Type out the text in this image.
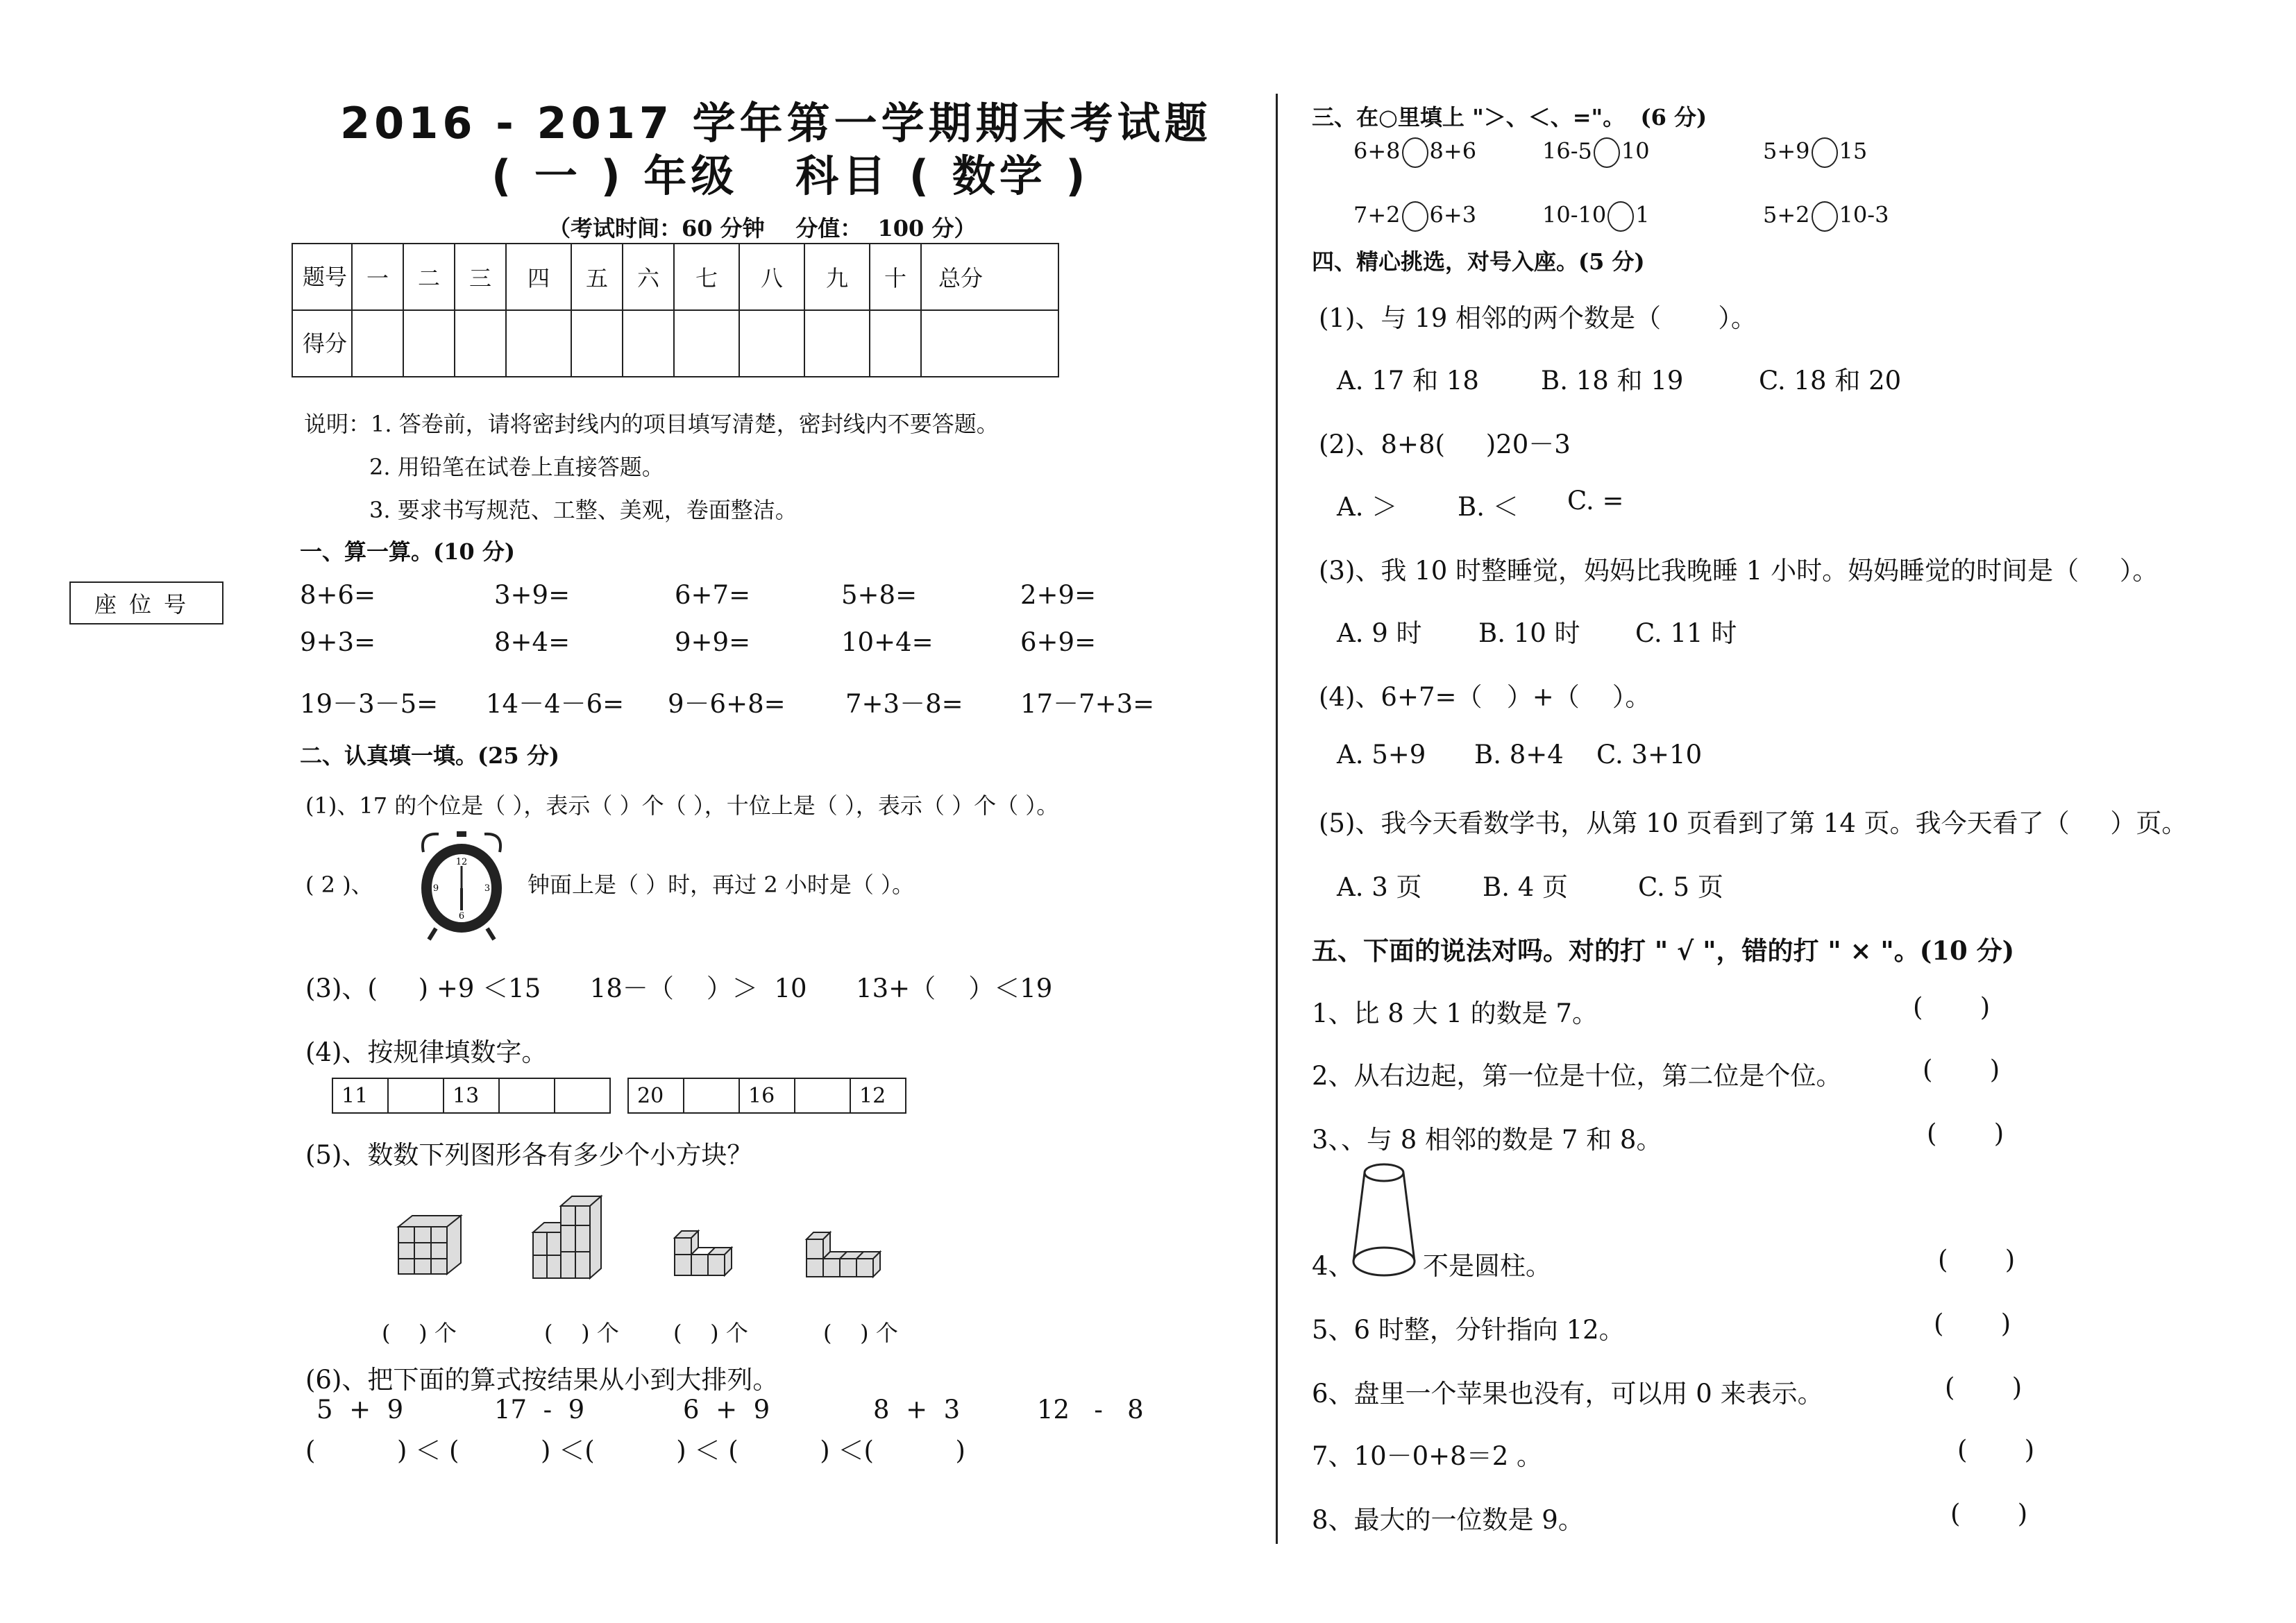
2016 - 2017 学年第一学期期末考试题
( 一 ) 年级   科目 ( 数学 )
（考试时间：60 分钟    分值：  100 分）
题号	一	二	三	四	五	六	七	八	九	十	总分
得分											
说明：1. 答卷前，请将密封线内的项目填写清楚，密封线内不要答题。
2. 用铅笔在试卷上直接答题。
3. 要求书写规范、工整、美观，卷面整洁。
座位号
一、算一算。(10 分)
8+6=	3+9=	6+7=	5+8=	2+9=
9+3=	8+4=	9+9=	10+4=	6+9=
19－3－5= 14－4－6= 9－6+8= 7+3－8= 17－7+3=
二、认真填一填。(25 分)
(1)、17 的个位是（ ），表示（ ）个（ ），十位上是（ ），表示（ ）个（ ）。
( 2 )、
12
3
6
9	钟面上是（ ）时，再过 2 小时是（ ）。
(3)、(     ) +9 ＜15      18－（    ）＞  10      13+（    ）＜19
(4)、按规律填数字。
11		13			20		16		12
(5)、数数下列图形各有多少个小方块？
(    ) 个	(    ) 个 (    ) 个	(    ) 个
(6)、把下面的算式按结果从小到大排列。
5  +  9	17  -  9	6  +  9	8  +  3	12   -   8
(          ) ＜ (          ) ＜(          ) ＜ (          ) ＜(          )
三、在○里填上 "＞、＜、="。  (6 分)
6+8 8+6	16-5 10	5+9 15
7+2 6+3	10-10 1	5+2 10-3
四、精心挑选，对号入座。(5 分)
(1)、与 19 相邻的两个数是（       ）。
A. 17 和 18 B. 18 和 19	C. 18 和 20
(2)、8+8(     )20－3
A. ＞ B. ＜ C. =
(3)、我 10 时整睡觉，妈妈比我晚睡 1 小时。妈妈睡觉的时间是（     ）。
A. 9 时 B. 10 时 C. 11 时
(4)、6+7=（   ）+（    ）。
A. 5+9 B. 8+4 C. 3+10
(5)、我今天看数学书，从第 10 页看到了第 14 页。我今天看了（     ）页。
A. 3 页 B. 4 页	C. 5 页
五、下面的说法对吗。对的打 " √ "，错的打 " × "。(10 分)
1、比 8 大 1 的数是 7。	(       )
2、从右边起，第一位是十位，第二位是个位。	(       )
3、、与 8 相邻的数是 7 和 8。	(       )
4、	不是圆柱。	(       )
5、6 时整，分针指向 12。	(       )
6、盘里一个苹果也没有，可以用 0 来表示。	(       )
7、10－0+8＝2 。	(       )
8、最大的一位数是 9。	(       )
